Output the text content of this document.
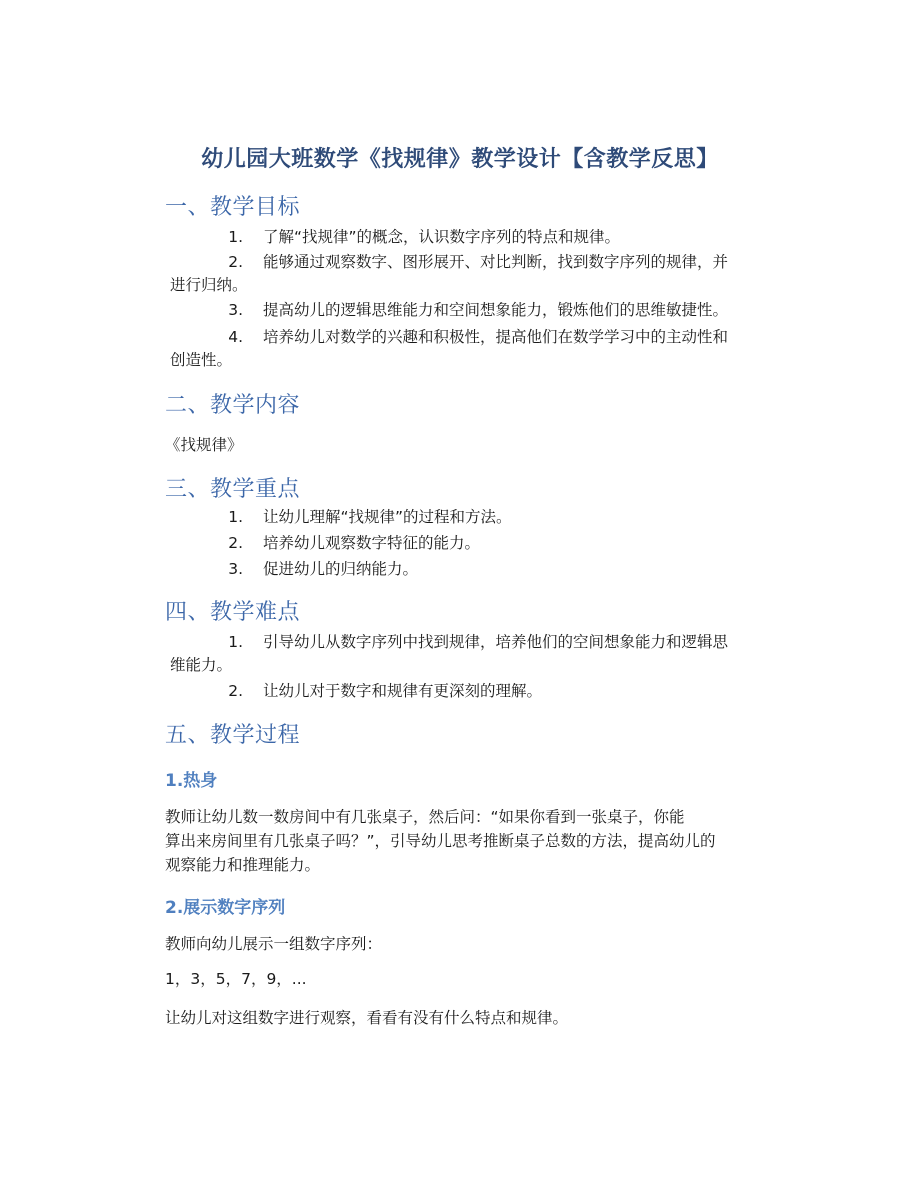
幼儿园大班数学《找规律》教学设计【含教学反思】
一、教学目标
1. 了解“找规律”的概念，认识数字序列的特点和规律。
2. 能够通过观察数字、图形展开、对比判断，找到数字序列的规律，并
进行归纳。
3. 提高幼儿的逻辑思维能力和空间想象能力，锻炼他们的思维敏捷性。
4. 培养幼儿对数学的兴趣和积极性，提高他们在数学学习中的主动性和
创造性。
二、教学内容
《找规律》
三、教学重点
1. 让幼儿理解“找规律”的过程和方法。
2. 培养幼儿观察数字特征的能力。
3. 促进幼儿的归纳能力。
四、教学难点
1. 引导幼儿从数字序列中找到规律，培养他们的空间想象能力和逻辑思
维能力。
2. 让幼儿对于数字和规律有更深刻的理解。
五、教学过程
1.热身
教师让幼儿数一数房间中有几张桌子，然后问：“如果你看到一张桌子，你能
算出来房间里有几张桌子吗？”，引导幼儿思考推断桌子总数的方法，提高幼儿的
观察能力和推理能力。
2.展示数字序列
教师向幼儿展示一组数字序列：
1，3，5，7，9，...
让幼儿对这组数字进行观察，看看有没有什么特点和规律。
